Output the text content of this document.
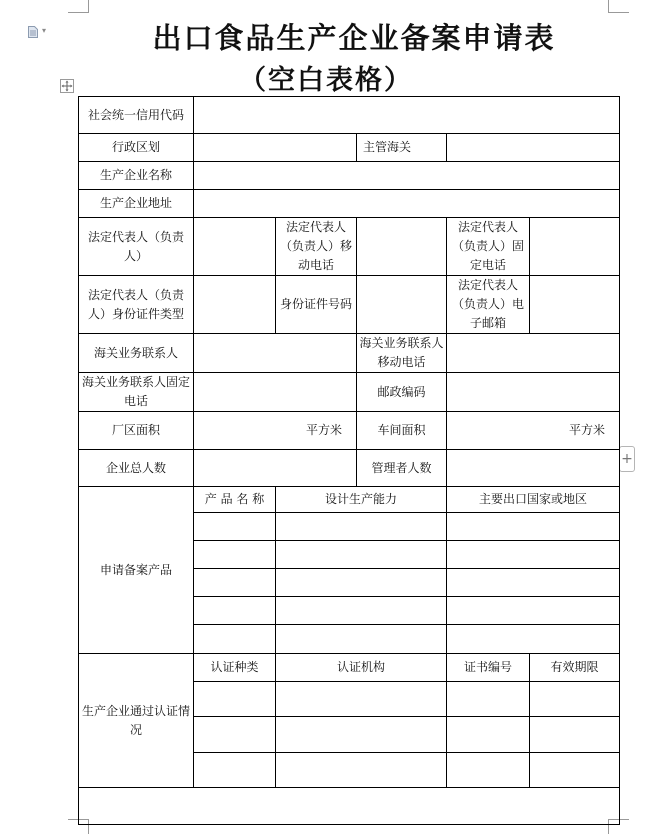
▾	出口食品生产企业备案申请表
（空白表格）
+
社会统一信用代码					
行政区划			主管海关		
生产企业名称					
生产企业地址					
法定代表人（负责人）		法定代表人（负责人）移动电话		法定代表人（负责人）固定电话	
法定代表人（负责人）身份证件类型		身份证件号码		法定代表人（负责人）电子邮箱	
海关业务联系人			海关业务联系人移动电话		
海关业务联系人固定电话			邮政编码		
厂区面积	平方米		车间面积	平方米	
企业总人数			管理者人数		
申请备案产品	产 品 名 称	设计生产能力		主要出口国家或地区	

生产企业通过认证情况	认证种类	认证机构		证书编号	有效期限
